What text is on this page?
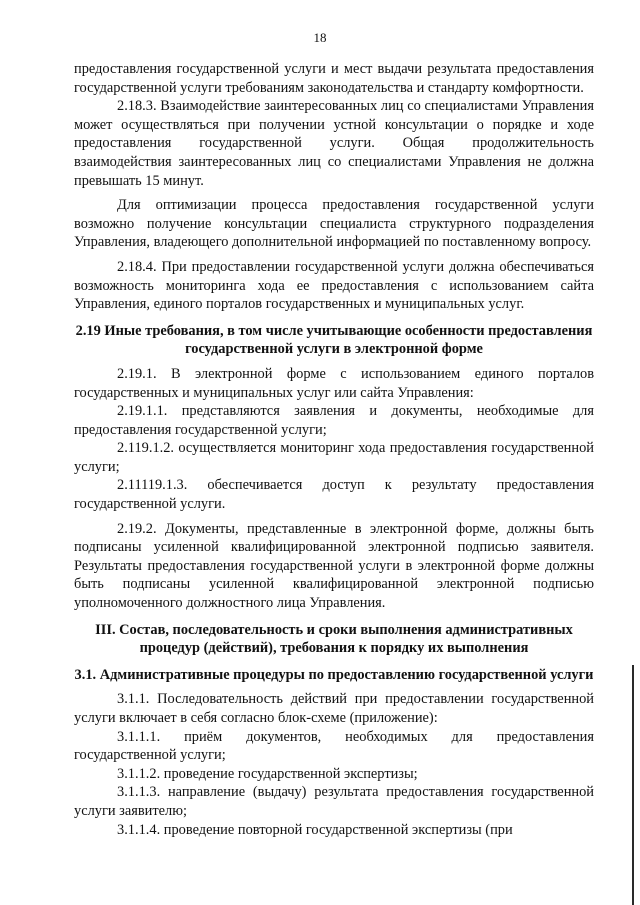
18

предоставления государственной услуги и мест выдачи результата предоставления государственной услуги требованиям законодательства и стандарту комфортности.

2.18.3. Взаимодействие заинтересованных лиц со специалистами Управления может осуществляться при получении устной консультации о порядке и ходе предоставления государственной услуги. Общая продолжительность взаимодействия заинтересованных лиц со специалистами Управления не должна превышать 15 минут.

Для оптимизации процесса предоставления государственной услуги возможно получение консультации специалиста структурного подразделения Управления, владеющего дополнительной информацией по поставленному вопросу.

2.18.4. При предоставлении государственной услуги должна обеспечиваться возможность мониторинга хода ее предоставления с использованием сайта Управления, единого порталов государственных и муниципальных услуг.

2.19 Иные требования, в том числе учитывающие особенности предоставления государственной услуги в электронной форме

2.19.1. В электронной форме с использованием единого порталов государственных и муниципальных услуг или сайта Управления:

2.19.1.1. представляются заявления и документы, необходимые для предоставления государственной услуги;

2.119.1.2. осуществляется мониторинг хода предоставления государственной услуги;

2.11119.1.3. обеспечивается доступ к результату предоставления государственной услуги.

2.19.2. Документы, представленные в электронной форме, должны быть подписаны усиленной квалифицированной электронной подписью заявителя. Результаты предоставления государственной услуги в электронной форме должны быть подписаны усиленной квалифицированной электронной подписью уполномоченного должностного лица Управления.

III. Состав, последовательность и сроки выполнения административных процедур (действий), требования к порядку их выполнения
3.1. Административные процедуры по предоставлению государственной услуги

3.1.1. Последовательность действий при предоставлении государственной услуги включает в себя согласно блок-схеме (приложение):

3.1.1.1. приём документов, необходимых для предоставления государственной услуги;

3.1.1.2. проведение государственной экспертизы;

3.1.1.3. направление (выдачу) результата предоставления государственной услуги заявителю;

3.1.1.4. проведение повторной государственной экспертизы (при
